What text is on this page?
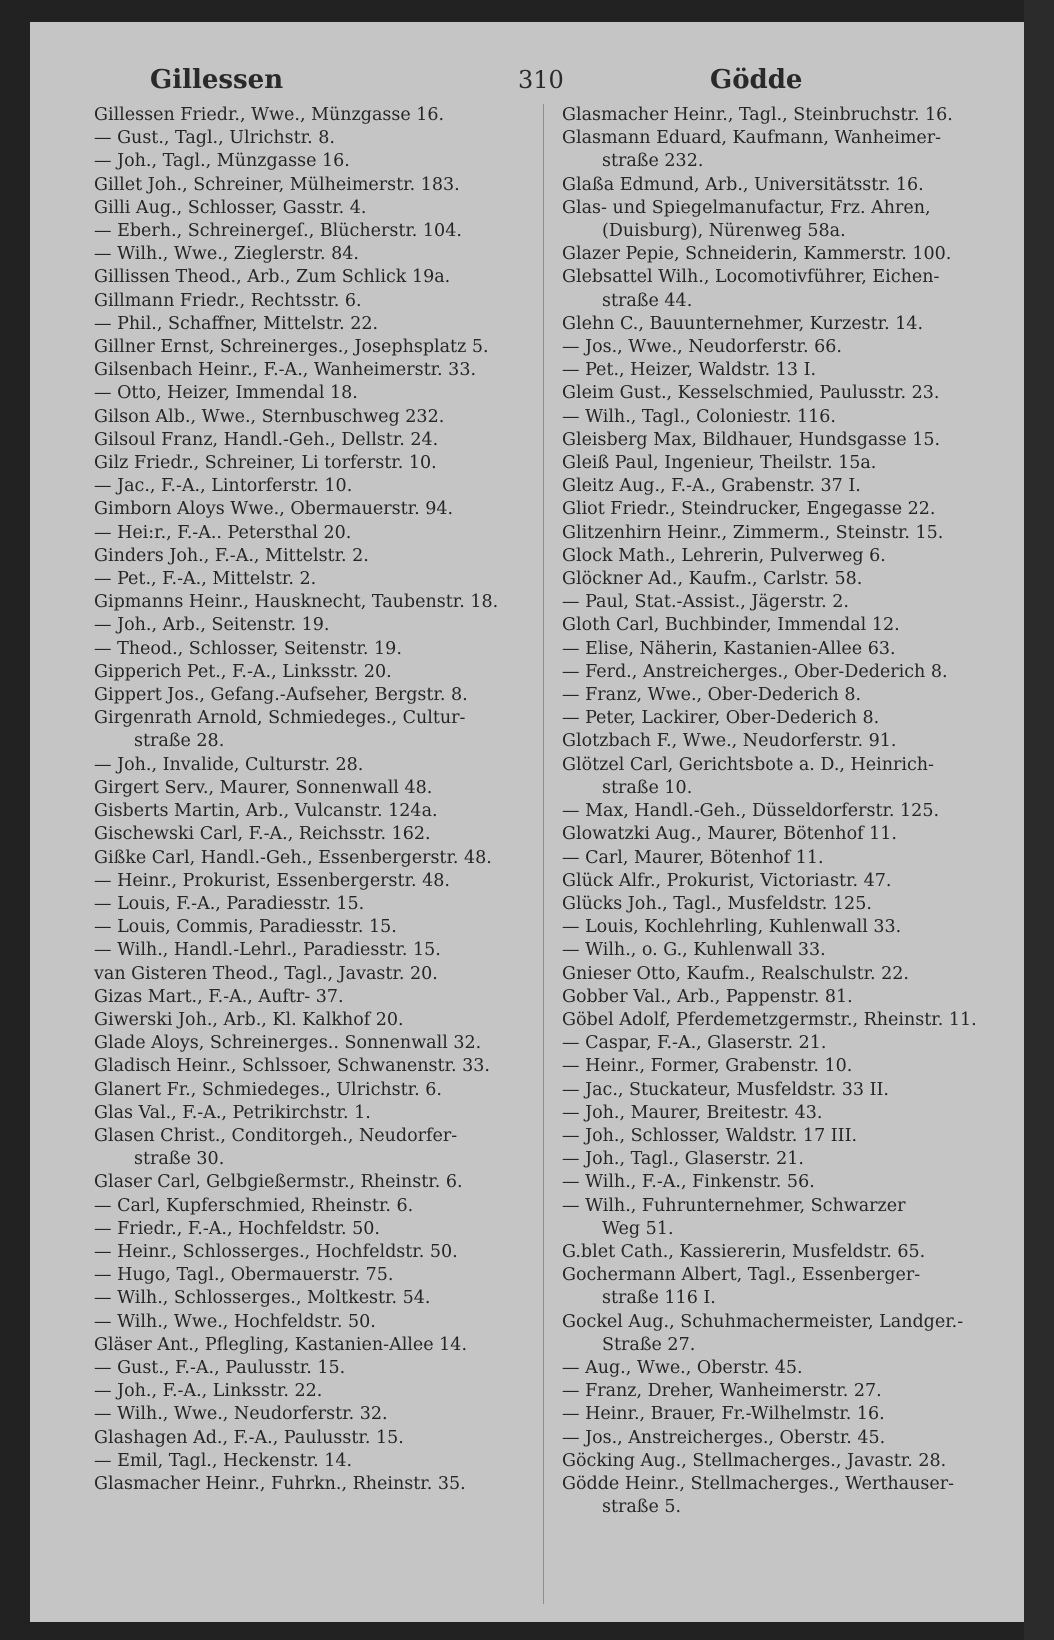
Gillessen	310	Gödde
Gillessen Friedr., Wwe., Münzgasse 16.
— Gust., Tagl., Ulrichstr. 8.
— Joh., Tagl., Münzgasse 16.
Gillet Joh., Schreiner, Mülheimerstr. 183.
Gilli Aug., Schlosser, Gasstr. 4.
— Eberh., Schreinergeſ., Blücherstr. 104.
— Wilh., Wwe., Zieglerstr. 84.
Gillissen Theod., Arb., Zum Schlick 19a.
Gillmann Friedr., Rechtsstr. 6.
— Phil., Schaffner, Mittelstr. 22.
Gillner Ernst, Schreinerges., Josephsplatz 5.
Gilsenbach Heinr., F.-A., Wanheimerstr. 33.
— Otto, Heizer, Immendal 18.
Gilson Alb., Wwe., Sternbuschweg 232.
Gilsoul Franz, Handl.-Geh., Dellstr. 24.
Gilz Friedr., Schreiner, Li torferstr. 10.
— Jac., F.-A., Lintorferstr. 10.
Gimborn Aloys Wwe., Obermauerstr. 94.
— Hei:r., F.-A.. Petersthal 20.
Ginders Joh., F.-A., Mittelstr. 2.
— Pet., F.-A., Mittelstr. 2.
Gipmanns Heinr., Hausknecht, Taubenstr. 18.
— Joh., Arb., Seitenstr. 19.
— Theod., Schlosser, Seitenstr. 19.
Gipperich Pet., F.-A., Linksstr. 20.
Gippert Jos., Gefang.-Aufseher, Bergstr. 8.
Girgenrath Arnold, Schmiedeges., Cultur-
straße 28.
— Joh., Invalide, Culturstr. 28.
Girgert Serv., Maurer, Sonnenwall 48.
Gisberts Martin, Arb., Vulcanstr. 124a.
Gischewski Carl, F.-A., Reichsstr. 162.
Gißke Carl, Handl.-Geh., Essenbergerstr. 48.
— Heinr., Prokurist, Essenbergerstr. 48.
— Louis, F.-A., Paradiesstr. 15.
— Louis, Commis, Paradiesstr. 15.
— Wilh., Handl.-Lehrl., Paradiesstr. 15.
van Gisteren Theod., Tagl., Javastr. 20.
Gizas Mart., F.-A., Auftr- 37.
Giwerski Joh., Arb., Kl. Kalkhof 20.
Glade Aloys, Schreinerges.. Sonnenwall 32.
Gladisch Heinr., Schlssoer, Schwanenstr. 33.
Glanert Fr., Schmiedeges., Ulrichstr. 6.
Glas Val., F.-A., Petrikirchstr. 1.
Glasen Christ., Conditorgeh., Neudorfer-
straße 30.
Glaser Carl, Gelbgießermstr., Rheinstr. 6.
— Carl, Kupferschmied, Rheinstr. 6.
— Friedr., F.-A., Hochfeldstr. 50.
— Heinr., Schlosserges., Hochfeldstr. 50.
— Hugo, Tagl., Obermauerstr. 75.
— Wilh., Schlosserges., Moltkestr. 54.
— Wilh., Wwe., Hochfeldstr. 50.
Gläser Ant., Pflegling, Kastanien-Allee 14.
— Gust., F.-A., Paulusstr. 15.
— Joh., F.-A., Linksstr. 22.
— Wilh., Wwe., Neudorferstr. 32.
Glashagen Ad., F.-A., Paulusstr. 15.
— Emil, Tagl., Heckenstr. 14.
Glasmacher Heinr., Fuhrkn., Rheinstr. 35.
Glasmacher Heinr., Tagl., Steinbruchstr. 16.
Glasmann Eduard, Kaufmann, Wanheimer-
straße 232.
Glaßa Edmund, Arb., Universitätsstr. 16.
Glas- und Spiegelmanufactur, Frz. Ahren,
(Duisburg), Nürenweg 58a.
Glazer Pepie, Schneiderin, Kammerstr. 100.
Glebsattel Wilh., Locomotivführer, Eichen-
straße 44.
Glehn C., Bauunternehmer, Kurzestr. 14.
— Jos., Wwe., Neudorferstr. 66.
— Pet., Heizer, Waldstr. 13 I.
Gleim Gust., Kesselschmied, Paulusstr. 23.
— Wilh., Tagl., Coloniestr. 116.
Gleisberg Max, Bildhauer, Hundsgasse 15.
Gleiß Paul, Ingenieur, Theilstr. 15a.
Gleitz Aug., F.-A., Grabenstr. 37 I.
Gliot Friedr., Steindrucker, Engegasse 22.
Glitzenhirn Heinr., Zimmerm., Steinstr. 15.
Glock Math., Lehrerin, Pulverweg 6.
Glöckner Ad., Kaufm., Carlstr. 58.
— Paul, Stat.-Assist., Jägerstr. 2.
Gloth Carl, Buchbinder, Immendal 12.
— Elise, Näherin, Kastanien-Allee 63.
— Ferd., Anstreicherges., Ober-Dederich 8.
— Franz, Wwe., Ober-Dederich 8.
— Peter, Lackirer, Ober-Dederich 8.
Glotzbach F., Wwe., Neudorferstr. 91.
Glötzel Carl, Gerichtsbote a. D., Heinrich-
straße 10.
— Max, Handl.-Geh., Düsseldorferstr. 125.
Glowatzki Aug., Maurer, Bötenhof 11.
— Carl, Maurer, Bötenhof 11.
Glück Alfr., Prokurist, Victoriastr. 47.
Glücks Joh., Tagl., Musfeldstr. 125.
— Louis, Kochlehrling, Kuhlenwall 33.
— Wilh., o. G., Kuhlenwall 33.
Gnieser Otto, Kaufm., Realschulstr. 22.
Gobber Val., Arb., Pappenstr. 81.
Göbel Adolf, Pferdemetzgermstr., Rheinstr. 11.
— Caspar, F.-A., Glaserstr. 21.
— Heinr., Former, Grabenstr. 10.
— Jac., Stuckateur, Musfeldstr. 33 II.
— Joh., Maurer, Breitestr. 43.
— Joh., Schlosser, Waldstr. 17 III.
— Joh., Tagl., Glaserstr. 21.
— Wilh., F.-A., Finkenstr. 56.
— Wilh., Fuhrunternehmer, Schwarzer
Weg 51.
G.blet Cath., Kassiererin, Musfeldstr. 65.
Gochermann Albert, Tagl., Essenberger-
straße 116 I.
Gockel Aug., Schuhmachermeister, Landger.-
Straße 27.
— Aug., Wwe., Oberstr. 45.
— Franz, Dreher, Wanheimerstr. 27.
— Heinr., Brauer, Fr.-Wilhelmstr. 16.
— Jos., Anstreicherges., Oberstr. 45.
Göcking Aug., Stellmacherges., Javastr. 28.
Gödde Heinr., Stellmacherges., Werthauser-
straße 5.
